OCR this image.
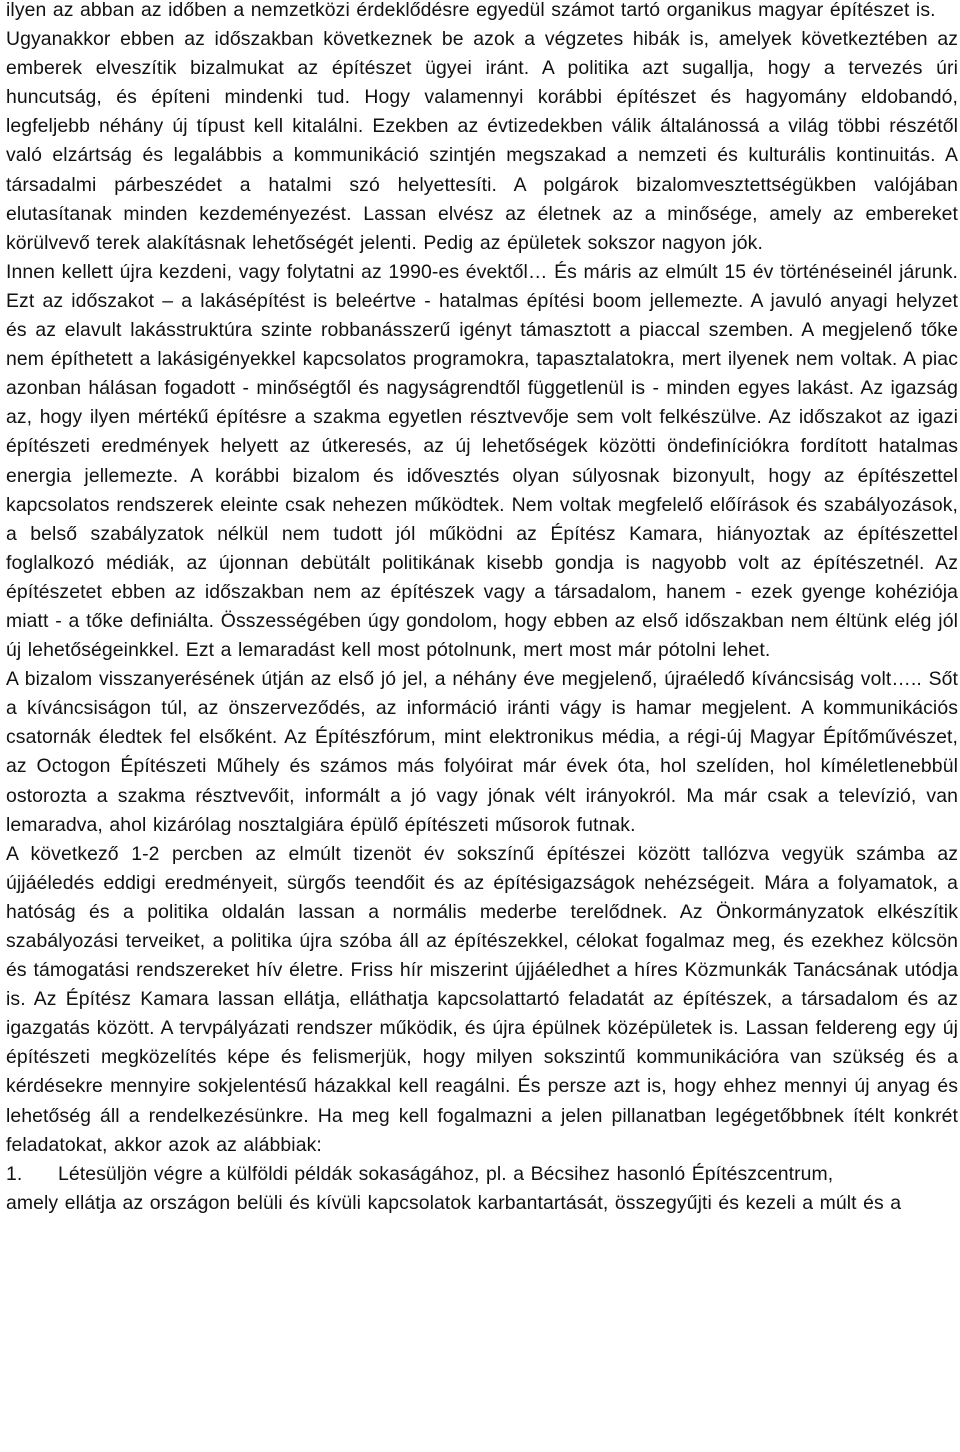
ilyen az abban az időben a nemzetközi érdeklődésre egyedül számot tartó organikus magyar építészet is.

Ugyanakkor ebben az időszakban következnek be azok a végzetes hibák is, amelyek következtében az emberek elveszítik bizalmukat az építészet ügyei iránt. A politika azt sugallja, hogy a tervezés úri huncutság, és építeni mindenki tud. Hogy valamennyi korábbi építészet és hagyomány eldobandó, legfeljebb néhány új típust kell kitalálni. Ezekben az évtizedekben válik általánossá a világ többi részétől való elzártság és legalábbis a kommunikáció szintjén megszakad a nemzeti és kulturális kontinuitás. A társadalmi párbeszédet a hatalmi szó helyettesíti. A polgárok bizalomvesztettségükben valójában elutasítanak minden kezdeményezést. Lassan elvész az életnek az a minősége, amely az embereket körülvevő terek alakításnak lehetőségét jelenti. Pedig az épületek sokszor nagyon jók.

Innen kellett újra kezdeni, vagy folytatni az 1990-es évektől… És máris az elmúlt 15 év történéseinél járunk. Ezt az időszakot – a lakásépítést is beleértve - hatalmas építési boom jellemezte. A javuló anyagi helyzet és az elavult lakásstruktúra szinte robbanásszerű igényt támasztott a piaccal szemben. A megjelenő tőke nem építhetett a lakásigényekkel kapcsolatos programokra, tapasztalatokra, mert ilyenek nem voltak. A piac azonban hálásan fogadott - minőségtől és nagyságrendtől függetlenül is - minden egyes lakást. Az igazság az, hogy ilyen mértékű építésre a szakma egyetlen résztvevője sem volt felkészülve. Az időszakot az igazi építészeti eredmények helyett az útkeresés, az új lehetőségek közötti öndefiníciókra fordított hatalmas energia jellemezte. A korábbi bizalom és idővesztés olyan súlyosnak bizonyult, hogy az építészettel kapcsolatos rendszerek eleinte csak nehezen működtek. Nem voltak megfelelő előírások és szabályozások, a belső szabályzatok nélkül nem tudott jól működni az Építész Kamara, hiányoztak az építészettel foglalkozó médiák, az újonnan debütált politikának kisebb gondja is nagyobb volt az építészetnél. Az építészetet ebben az időszakban nem az építészek vagy a társadalom, hanem - ezek gyenge kohéziója miatt - a tőke definiálta. Összességében úgy gondolom, hogy ebben az első időszakban nem éltünk elég jól új lehetőségeinkkel. Ezt a lemaradást kell most pótolnunk, mert most már pótolni lehet.

A bizalom visszanyerésének útján az első jó jel, a néhány éve megjelenő, újraéledő kíváncsiság volt….. Sőt a kíváncsiságon túl, az önszerveződés, az információ iránti vágy is hamar megjelent. A kommunikációs csatornák éledtek fel elsőként. Az Építészfórum, mint elektronikus média, a régi-új Magyar Építőművészet, az Octogon Építészeti Műhely és számos más folyóirat már évek óta, hol szelíden, hol kíméletlenebbül ostorozta a szakma résztvevőit, informált a jó vagy jónak vélt irányokról. Ma már csak a televízió, van lemaradva, ahol kizárólag nosztalgiára épülő építészeti műsorok futnak.

A következő 1-2 percben az elmúlt tizenöt év sokszínű építészei között tallózva vegyük számba az újjáéledés eddigi eredményeit, sürgős teendőit és az építésigazságok nehézségeit. Mára a folyamatok, a hatóság és a politika oldalán lassan a normális mederbe terelődnek. Az Önkormányzatok elkészítik szabályozási terveiket, a politika újra szóba áll az építészekkel, célokat fogalmaz meg, és ezekhez kölcsön és támogatási rendszereket hív életre. Friss hír miszerint újjáéledhet a híres Közmunkák Tanácsának utódja is. Az Építész Kamara lassan ellátja, elláthatja kapcsolattartó feladatát az építészek, a társadalom és az igazgatás között. A tervpályázati rendszer működik, és újra épülnek középületek is. Lassan feldereng egy új építészeti megközelítés képe és felismerjük, hogy milyen sokszintű kommunikációra van szükség és a kérdésekre mennyire sokjelentésű házakkal kell reagálni. És persze azt is, hogy ehhez mennyi új anyag és lehetőség áll a rendelkezésünkre. Ha meg kell fogalmazni a jelen pillanatban legégetőbbnek ítélt konkrét feladatokat, akkor azok az alábbiak:

1. Létesüljön végre a külföldi példák sokaságához, pl. a Bécsihez hasonló Építészcentrum,
amely ellátja az országon belüli és kívüli kapcsolatok karbantartását, összegyűjti és kezeli a múlt és a
